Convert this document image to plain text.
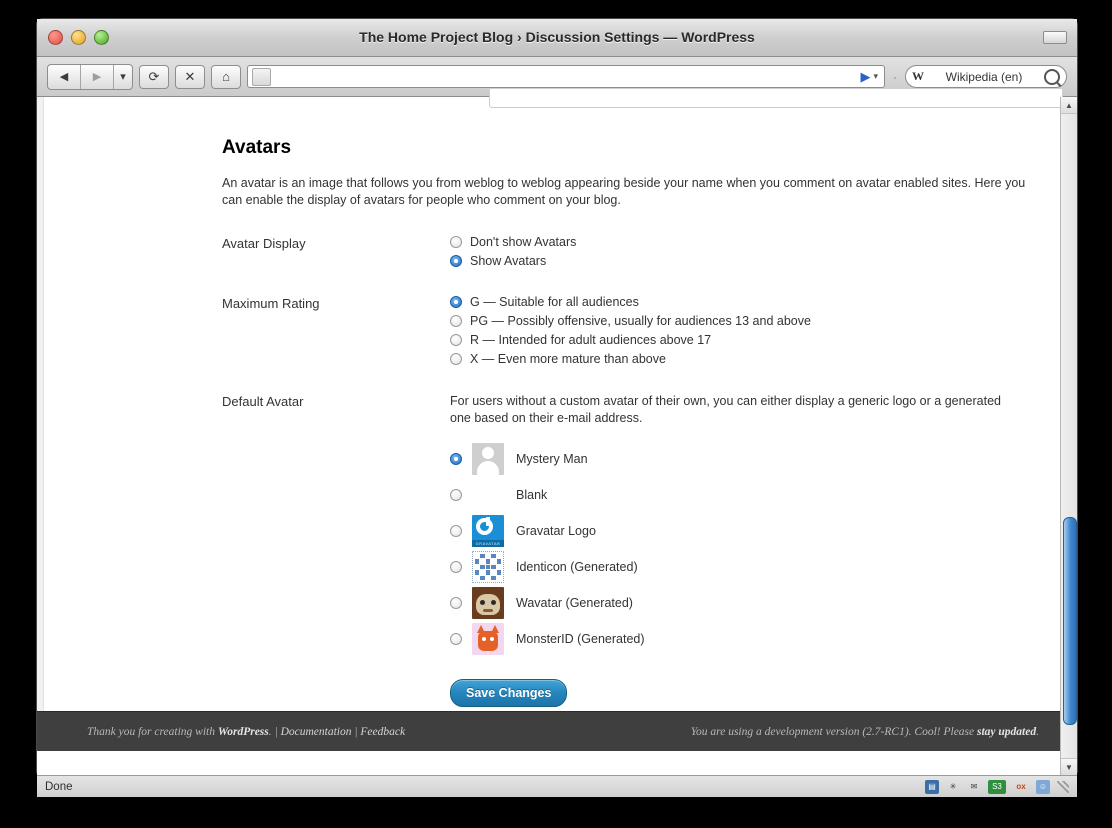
The Home Project Blog › Discussion Settings — WordPress
◀	▶	▾	⟳	✕	⌂	▶ ▾ · W	Wikipedia (en)
Avatars

An avatar is an image that follows you from weblog to weblog appearing beside your name when you comment on avatar enabled sites. Here you can enable the display of avatars for people who comment on your blog.

Avatar Display	Don't show Avatars
Show Avatars
Maximum Rating	G — Suitable for all audiences
PG — Possibly offensive, usually for audiences 13 and above
R — Intended for adult audiences above 17
X — Even more mature than above
Default Avatar	For users without a custom avatar of their own, you can either display a generic logo or a generated one based on their e-mail address.

Mystery Man
Blank
GRAVATAR
Gravatar Logo
Identicon (Generated)
Wavatar (Generated)
MonsterID (Generated)
Save Changes
Thank you for creating with WordPress. | Documentation | Feedback	You are using a development version (2.7-RC1). Cool! Please stay updated.
▲
▼
Done	▤	✳	✉	S3	ox	☺
